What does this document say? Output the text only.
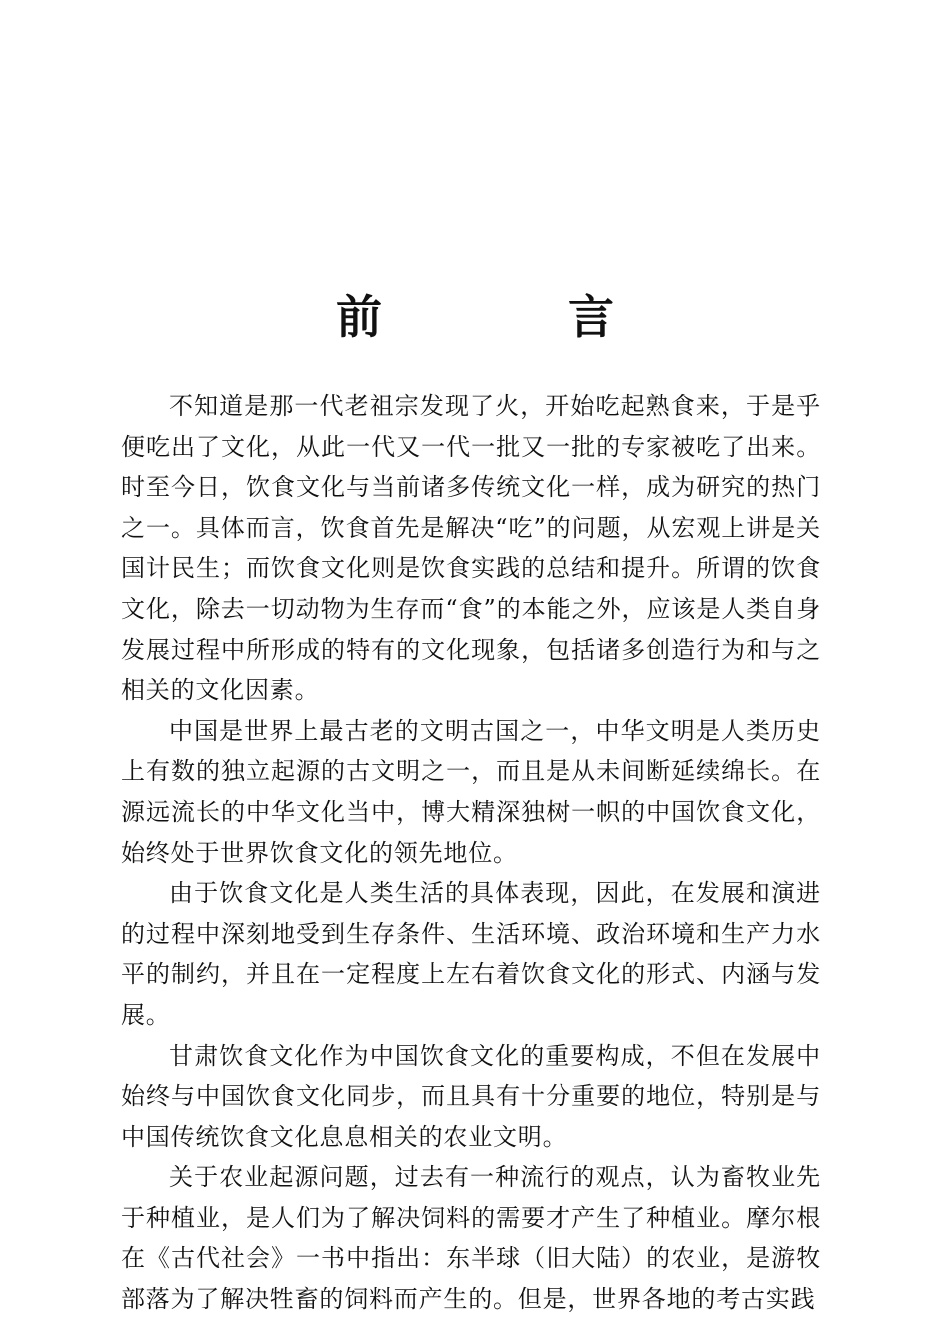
前　言

不知道是那一代老祖宗发现了火，开始吃起熟食来，于是乎便吃出了文化，从此一代又一代一批又一批的专家被吃了出来。时至今日，饮食文化与当前诸多传统文化一样，成为研究的热门之一。具体而言，饮食首先是解决“吃”的问题，从宏观上讲是关国计民生；而饮食文化则是饮食实践的总结和提升。所谓的饮食文化，除去一切动物为生存而“食”的本能之外，应该是人类自身发展过程中所形成的特有的文化现象，包括诸多创造行为和与之相关的文化因素。

中国是世界上最古老的文明古国之一，中华文明是人类历史上有数的独立起源的古文明之一，而且是从未间断延续绵长。在源远流长的中华文化当中，博大精深独树一帜的中国饮食文化，始终处于世界饮食文化的领先地位。

由于饮食文化是人类生活的具体表现，因此，在发展和演进的过程中深刻地受到生存条件、生活环境、政治环境和生产力水平的制约，并且在一定程度上左右着饮食文化的形式、内涵与发展。

甘肃饮食文化作为中国饮食文化的重要构成，不但在发展中始终与中国饮食文化同步，而且具有十分重要的地位，特别是与中国传统饮食文化息息相关的农业文明。

关于农业起源问题，过去有一种流行的观点，认为畜牧业先于种植业，是人们为了解决饲料的需要才产生了种植业。摩尔根在《古代社会》一书中指出：东半球（旧大陆）的农业，是游牧部落为了解决牲畜的饲料而产生的。但是，世界各地的考古实践
